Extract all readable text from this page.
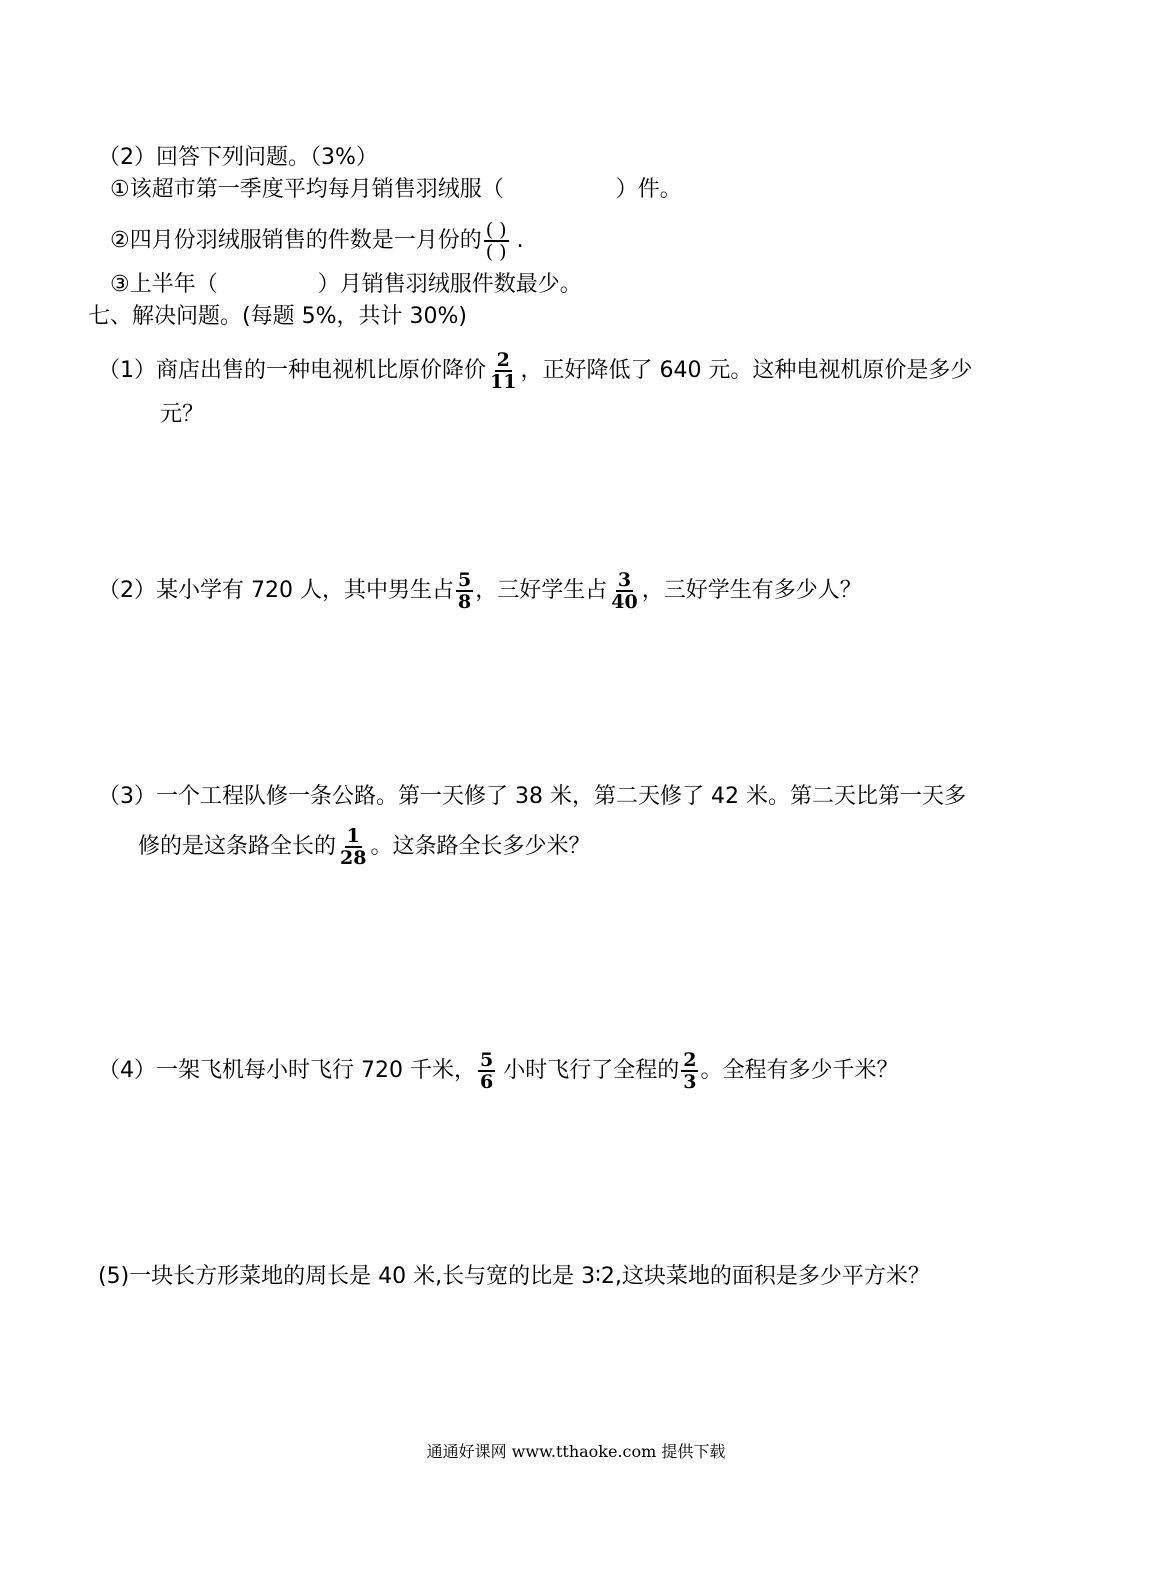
（2）回答下列问题。（3%）
①该超市第一季度平均每月销售羽绒服（	）件。
②四月份羽绒服销售的件数是一月份的 $\frac{( )}{( )}$ .
③上半年（	）月销售羽绒服件数最少。
七、解决问题。(每题 5%，共计 30%)
（1）商店出售的一种电视机比原价降价 $\frac{2}{11}$ ，正好降低了 640 元。这种电视机原价是多少
元？
（2）某小学有 720 人，其中男生占 $\frac{5}{8}$ ，三好学生占 $\frac{3}{40}$ ，三好学生有多少人？
（3）一个工程队修一条公路。第一天修了 38 米，第二天修了 42 米。第二天比第一天多
修的是这条路全长的 $\frac{1}{28}$ 。这条路全长多少米？
（4）一架飞机每小时飞行 720 千米， $\frac{5}{6}$ 小时飞行了全程的 $\frac{2}{3}$ 。全程有多少千米？
(5)一块长方形菜地的周长是 40 米,长与宽的比是 3∶2,这块菜地的面积是多少平方米？
通通好课网 www.tthaoke.com 提供下载
